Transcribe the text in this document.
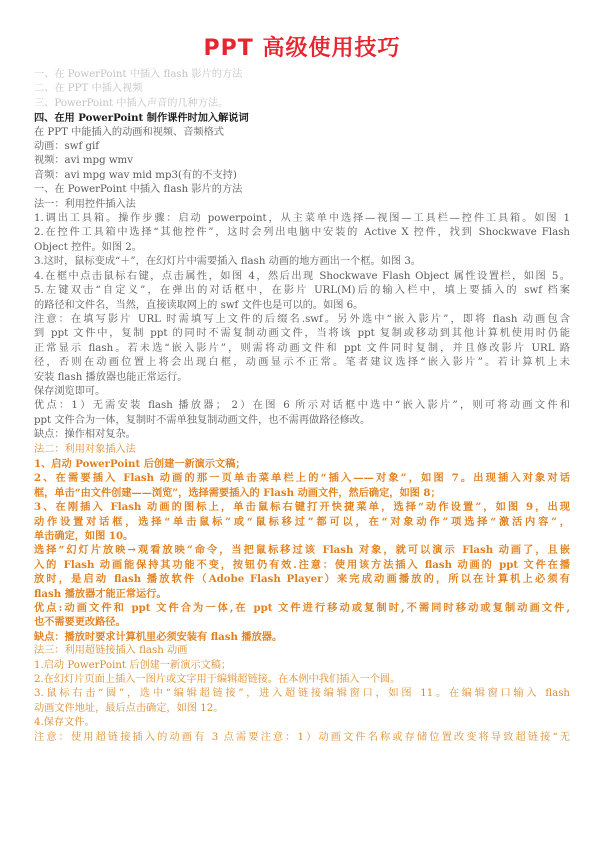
PPT 高级使用技巧
一、在 PowerPoint 中插入 flash 影片的方法
二、在 PPT 中插入视频
三、PowerPoint 中插入声音的几种方法。
四、在用 PowerPoint 制作课件时加入解说词
在 PPT 中能插入的动画和视频、音频格式
动画：swf gif
视频：avi mpg wmv
音频：avi mpg wav mid mp3(有的不支持)
一、在 PowerPoint 中插入 flash 影片的方法
法一：利用控件插入法
1.调出工具箱。操作步骤：启动 powerpoint，从主菜单中选择—视图—工具栏—控件工具箱。如图 1
2.在控件工具箱中选择“其他控件”，这时会列出电脑中安装的 Active X 控件，找到 Shockwave Flash
Object 控件。如图 2。
3.这时，鼠标变成“＋”，在幻灯片中需要插入 flash 动画的地方画出一个框。如图 3。
4.在框中点击鼠标右键，点击属性，如图 4，然后出现 Shockwave Flash Object 属性设置栏，如图 5。
5.左键双击“自定义”，在弹出的对话框中，在影片 URL(M)后的输入栏中，填上要插入的 swf 档案
的路径和文件名，当然，直接读取网上的 swf 文件也是可以的。如图 6。
注意：在填写影片 URL 时需填写上文件的后缀名.swf。另外选中“嵌入影片”，即将 flash 动画包含
到 ppt 文件中，复制 ppt 的同时不需复制动画文件，当将该 ppt 复制或移动到其他计算机使用时仍能
正常显示 flash。若未选“嵌入影片”，则需将动画文件和 ppt 文件同时复制，并且修改影片 URL 路
径，否则在动画位置上将会出现白框，动画显示不正常。笔者建议选择“嵌入影片”。若计算机上未
安装 flash 播放器也能正常运行。
保存浏览即可。
优点：1）无需安装 flash 播放器； 2）在图 6 所示对话框中选中“嵌入影片”，则可将动画文件和
ppt 文件合为一体，复制时不需单独复制动画文件，也不需再做路径修改。
缺点：操作相对复杂。
法二：利用对象插入法
1、启动 PowerPoint 后创建一新演示文稿；
2、在需要插入 Flash 动画的那一页单击菜单栏上的“插入——对象”，如图 7。出现插入对象对话
框，单击“由文件创建——浏览”，选择需要插入的 Flash 动画文件，然后确定，如图 8；
3、在刚插入 Flash 动画的图标上，单击鼠标右键打开快捷菜单，选择“动作设置”，如图 9，出现
动作设置对话框，选择“单击鼠标”或“鼠标移过”都可以，在“对象动作”项选择“激活内容”，
单击确定，如图 10。
选择“幻灯片放映→观看放映”命令，当把鼠标移过该 Flash 对象，就可以演示 Flash 动画了，且嵌
入的 Flash 动画能保持其功能不变，按钮仍有效.注意：使用该方法插入 flash 动画的 ppt 文件在播
放时，是启动 flash 播放软件（Adobe Flash Player）来完成动画播放的，所以在计算机上必须有
flash 播放器才能正常运行。
优点:动画文件和 ppt 文件合为一体,在 ppt 文件进行移动或复制时,不需同时移动或复制动画文件,
也不需要更改路径。
缺点：播放时要求计算机里必须安装有 flash 播放器。
法三：利用超链接插入 flash 动画
1.启动 PowerPoint 后创建一新演示文稿；
2.在幻灯片页面上插入一图片或文字用于编辑超链接。在本例中我们插入一个圆。
3.鼠标右击“圆”，选中“编辑超链接”，进入超链接编辑窗口，如图 11。在编辑窗口输入 flash
动画文件地址，最后点击确定，如图 12。
4.保存文件。
注意：使用超链接插入的动画有 3 点需要注意：1）动画文件名称或存储位置改变将导致超链接“无
